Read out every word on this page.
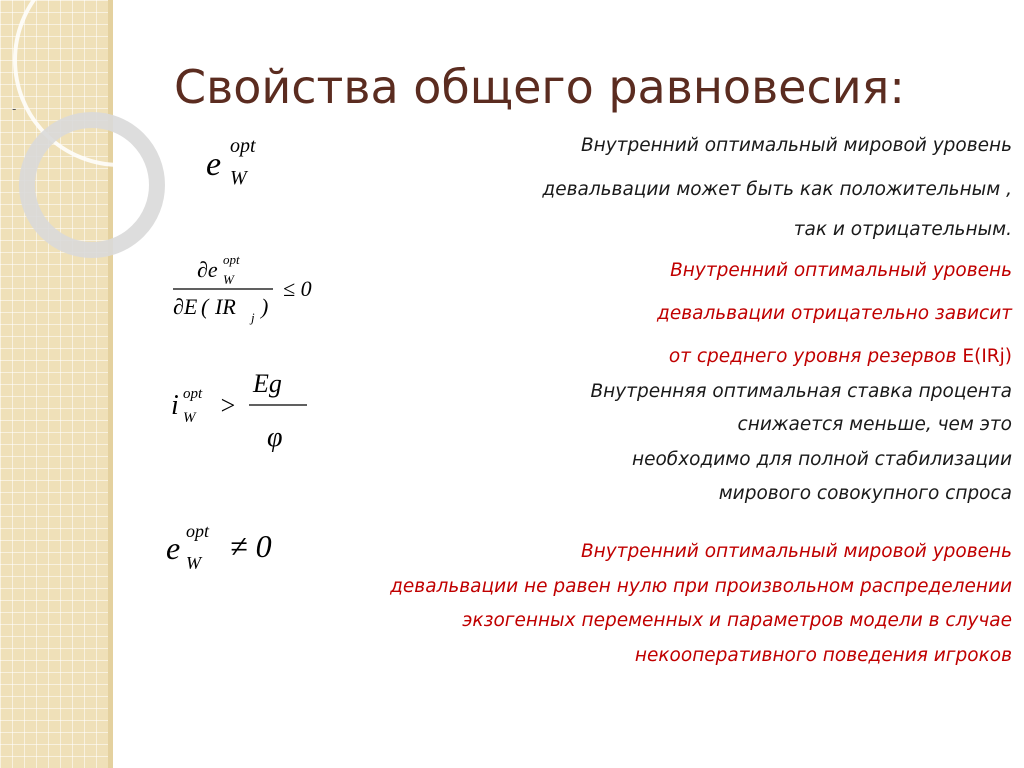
-	Свойства общего равновесия:
e opt
W
∂e opt
W
∂E ( IR j )
≤ 0
i opt
W >
Eg
φ
e opt
W ≠ 0
Внутренний оптимальный мировой уровень
девальвации может быть как положительным ,
так и отрицательным.
Внутренний оптимальный уровень
девальвации отрицательно зависит
от среднего уровня резервов E(IRj)
Внутренняя оптимальная ставка процента
снижается меньше, чем это
необходимо для полной стабилизации
мирового совокупного спроса
Внутренний оптимальный мировой уровень
девальвации не равен нулю при произвольном распределении
экзогенных переменных и параметров модели в случае
некооперативного поведения игроков
